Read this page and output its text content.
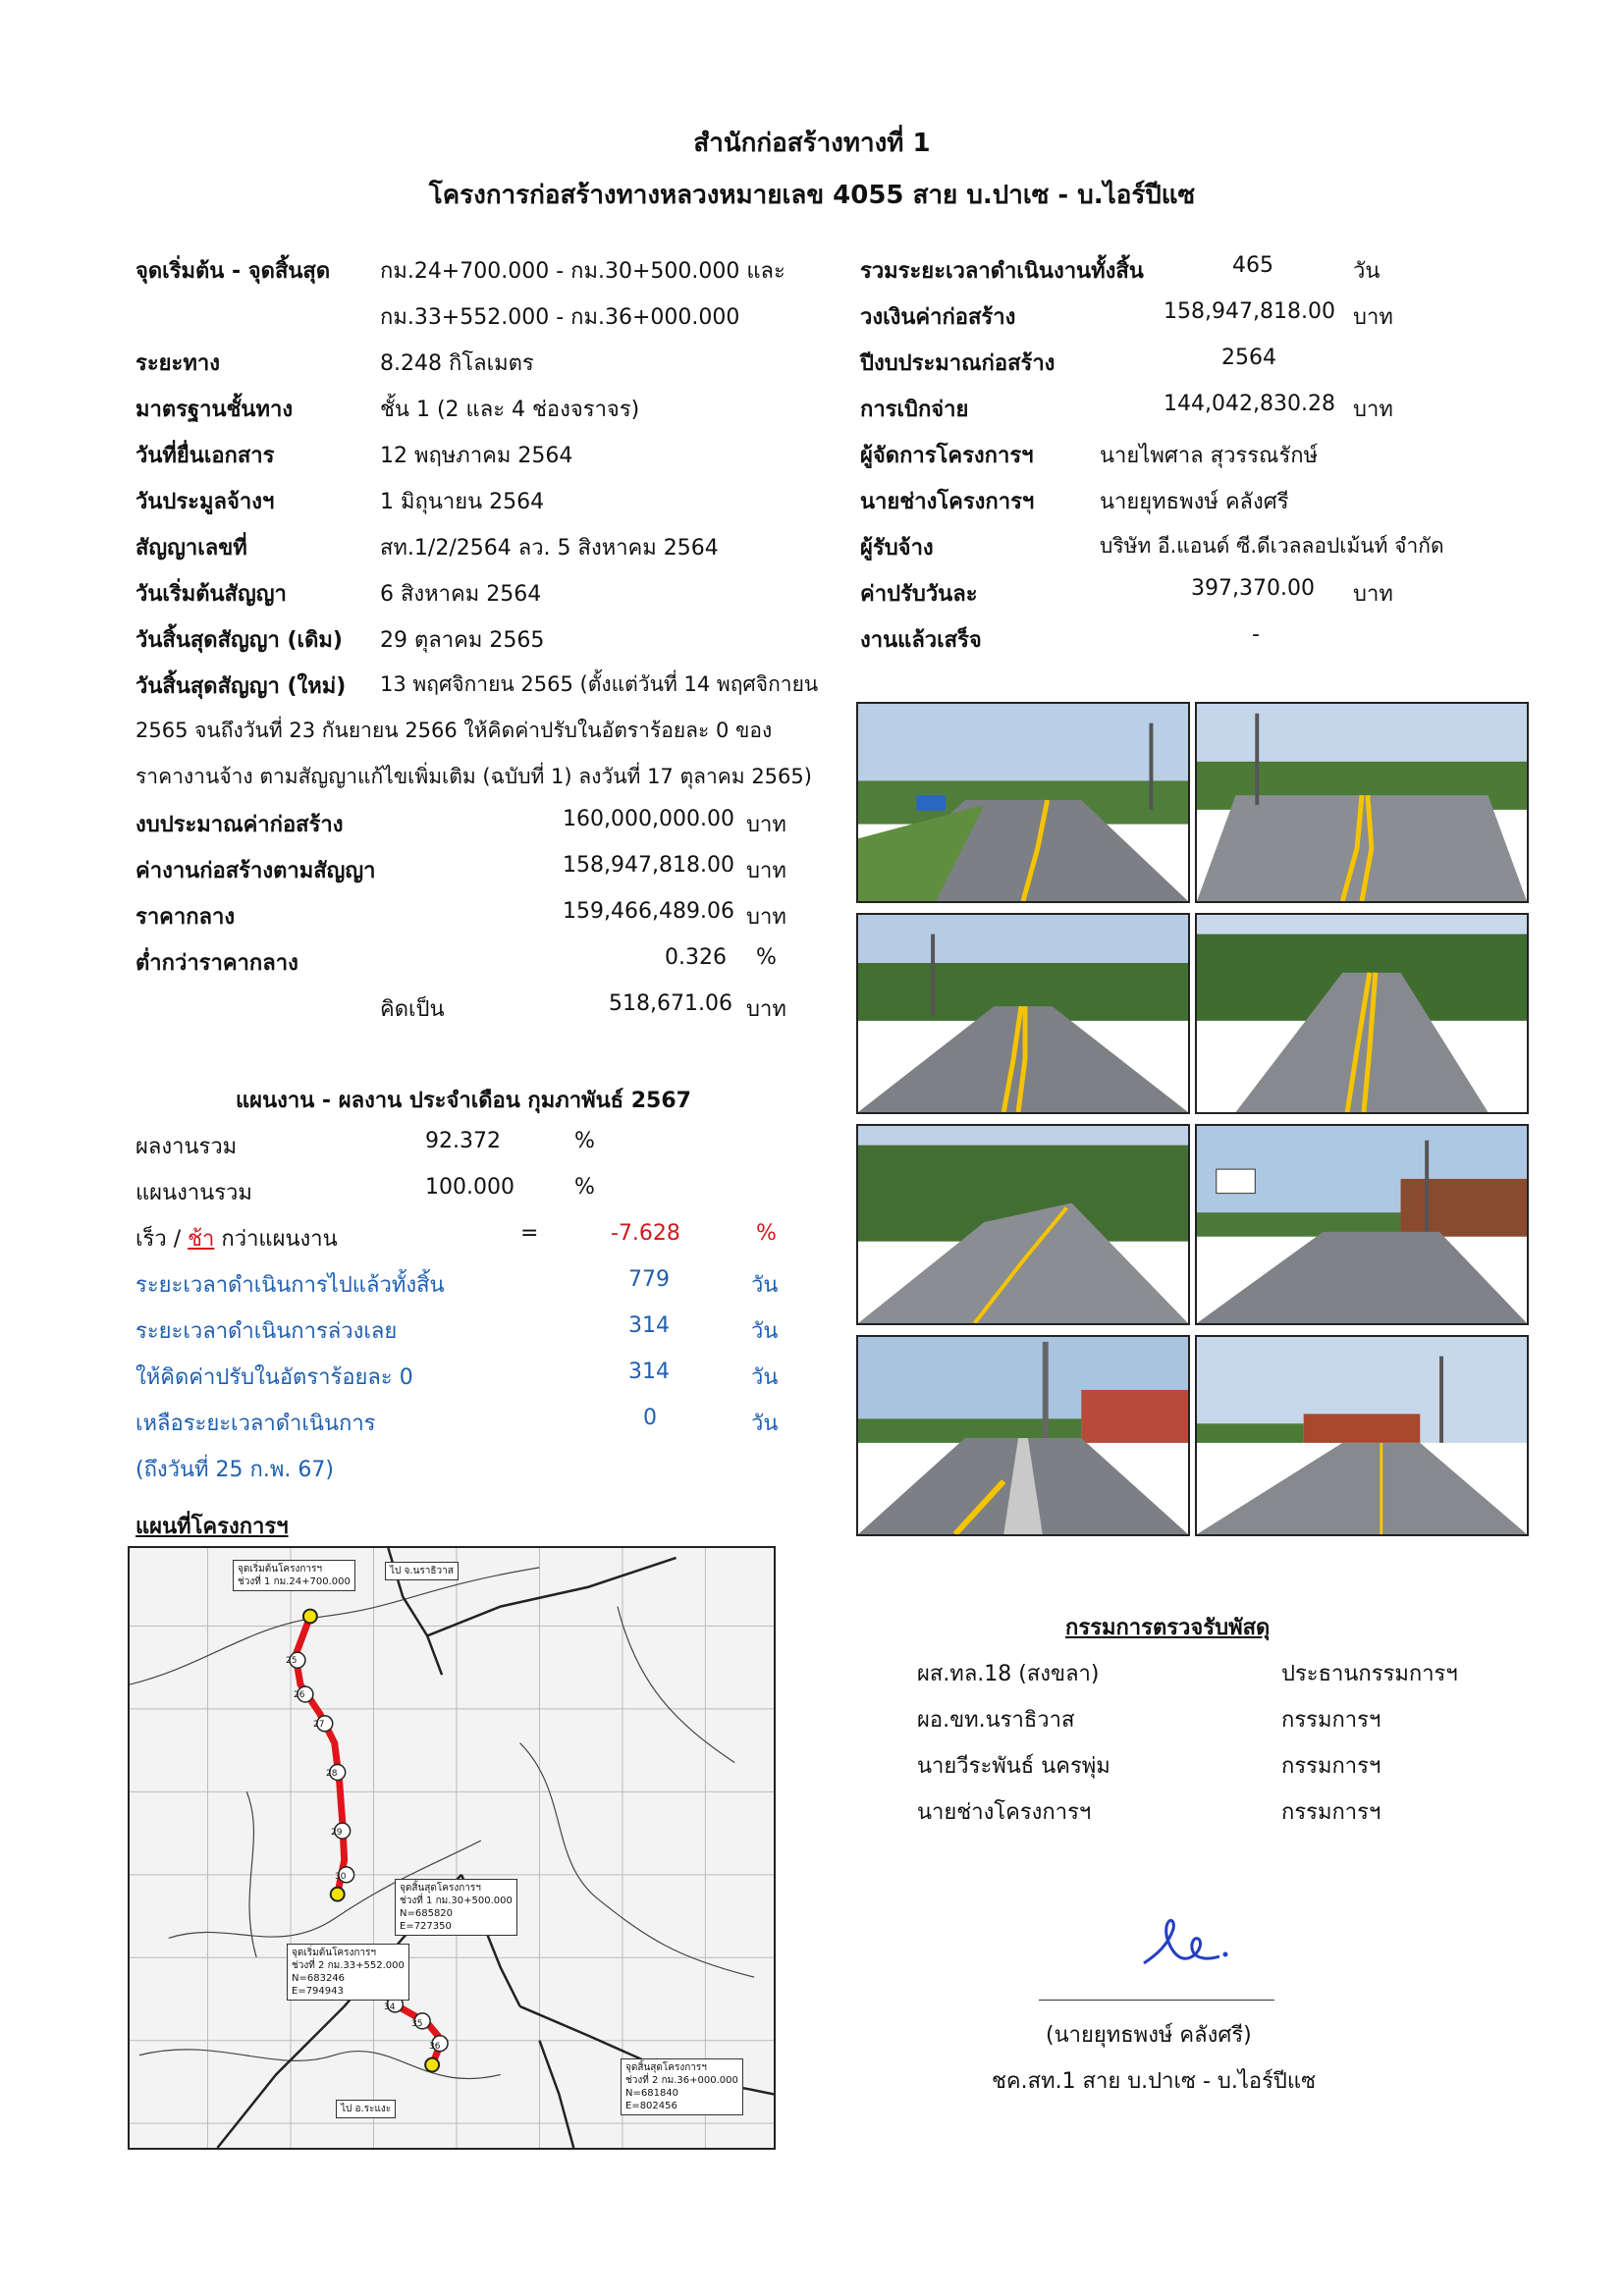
สำนักก่อสร้างทางที่ 1
โครงการก่อสร้างทางหลวงหมายเลข 4055 สาย บ.ปาเซ - บ.ไอร์ปีแซ
จุดเริ่มต้น - จุดสิ้นสุด กม.24+700.000 - กม.30+500.000 และ
กม.33+552.000 - กม.36+000.000
ระยะทาง	8.248 กิโลเมตร
มาตรฐานชั้นทาง	ชั้น 1 (2 และ 4 ช่องจราจร)
วันที่ยื่นเอกสาร	12 พฤษภาคม 2564
วันประมูลจ้างฯ	1 มิถุนายน 2564
สัญญาเลขที่	สท.1/2/2564 ลว. 5 สิงหาคม 2564
วันเริ่มต้นสัญญา	6 สิงหาคม 2564
วันสิ้นสุดสัญญา (เดิม) 29 ตุลาคม 2565
วันสิ้นสุดสัญญา (ใหม่) 13 พฤศจิกายน 2565 (ตั้งแต่วันที่ 14 พฤศจิกายน
2565 จนถึงวันที่ 23 กันยายน 2566 ให้คิดค่าปรับในอัตราร้อยละ 0 ของ
ราคางานจ้าง ตามสัญญาแก้ไขเพิ่มเติม (ฉบับที่ 1) ลงวันที่ 17 ตุลาคม 2565)
รวมระยะเวลาดำเนินงานทั้งสิ้น	465	วัน
วงเงินค่าก่อสร้าง	158,947,818.00 บาท
ปีงบประมาณก่อสร้าง	2564
การเบิกจ่าย	144,042,830.28 บาท
ผู้จัดการโครงการฯ	นายไพศาล สุวรรณรักษ์
นายช่างโครงการฯ	นายยุทธพงษ์ คลังศรี
ผู้รับจ้าง	บริษัท อี.แอนด์ ซี.ดีเวลลอปเม้นท์ จำกัด
ค่าปรับวันละ	397,370.00 บาท
งานแล้วเสร็จ	-
งบประมาณค่าก่อสร้าง	160,000,000.00 บาท
ค่างานก่อสร้างตามสัญญา	158,947,818.00 บาท
ราคากลาง	159,466,489.06 บาท
ต่ำกว่าราคากลาง	0.326 %
คิดเป็น	518,671.06 บาท
แผนงาน - ผลงาน ประจำเดือน กุมภาพันธ์ 2567
ผลงานรวม	92.372	%
แผนงานรวม	100.000	%
เร็ว / ช้า กว่าแผนงาน	=	-7.628	%
ระยะเวลาดำเนินการไปแล้วทั้งสิ้น	779	วัน
ระยะเวลาดำเนินการล่วงเลย	314	วัน
ให้คิดค่าปรับในอัตราร้อยละ 0	314	วัน
เหลือระยะเวลาดำเนินการ	0	วัน
(ถึงวันที่ 25 ก.พ. 67)
แผนที่โครงการฯ
ไป จ.นราธิวาส
ไป อ.ระแงะ
จุดเริ่มต้นโครงการฯ
ช่วงที่ 1 กม.24+700.000
จุดสิ้นสุดโครงการฯ
ช่วงที่ 1 กม.30+500.000
N=685820
E=727350
จุดเริ่มต้นโครงการฯ
ช่วงที่ 2 กม.33+552.000
N=683246
E=794943
จุดสิ้นสุดโครงการฯ
ช่วงที่ 2 กม.36+000.000
N=681840
E=802456
25
26
27
28
29
30
34
35
36
กรรมการตรวจรับพัสดุ
ผส.ทล.18 (สงขลา)	ประธานกรรมการฯ
ผอ.ขท.นราธิวาส	กรรมการฯ
นายวีระพันธ์ นครพุ่ม	กรรมการฯ
นายช่างโครงการฯ	กรรมการฯ
(นายยุทธพงษ์ คลังศรี)
ชค.สท.1 สาย บ.ปาเซ - บ.ไอร์ปีแซ
